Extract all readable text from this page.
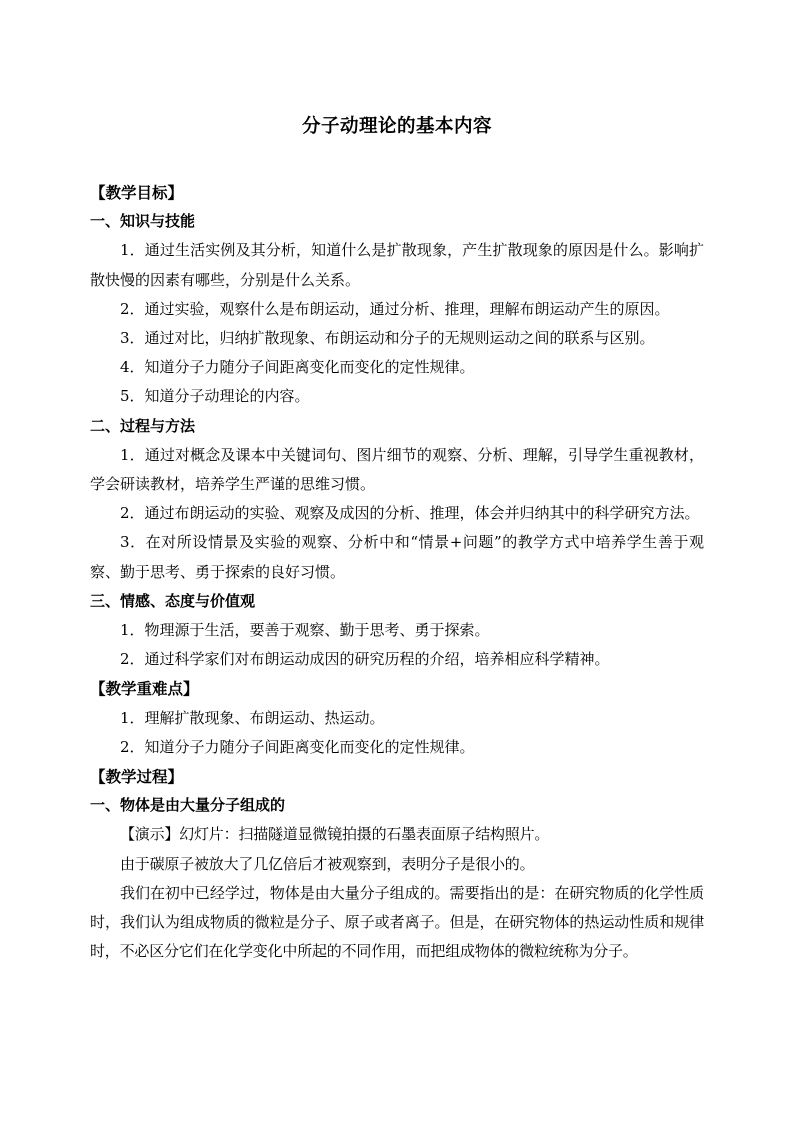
分子动理论的基本内容

【教学目标】

一、知识与技能

1．通过生活实例及其分析，知道什么是扩散现象，产生扩散现象的原因是什么。影响扩散快慢的因素有哪些，分别是什么关系。

2．通过实验，观察什么是布朗运动，通过分析、推理，理解布朗运动产生的原因。

3．通过对比，归纳扩散现象、布朗运动和分子的无规则运动之间的联系与区别。

4．知道分子力随分子间距离变化而变化的定性规律。

5．知道分子动理论的内容。

二、过程与方法

1．通过对概念及课本中关键词句、图片细节的观察、分析、理解，引导学生重视教材，学会研读教材，培养学生严谨的思维习惯。

2．通过布朗运动的实验、观察及成因的分析、推理，体会并归纳其中的科学研究方法。

3．在对所设情景及实验的观察、分析中和“情景+问题”的教学方式中培养学生善于观察、勤于思考、勇于探索的良好习惯。

三、情感、态度与价值观

1．物理源于生活，要善于观察、勤于思考、勇于探索。

2．通过科学家们对布朗运动成因的研究历程的介绍，培养相应科学精神。

【教学重难点】

1．理解扩散现象、布朗运动、热运动。

2．知道分子力随分子间距离变化而变化的定性规律。

【教学过程】

一、物体是由大量分子组成的

【演示】幻灯片：扫描隧道显微镜拍摄的石墨表面原子结构照片。

由于碳原子被放大了几亿倍后才被观察到，表明分子是很小的。

我们在初中已经学过，物体是由大量分子组成的。需要指出的是：在研究物质的化学性质时，我们认为组成物质的微粒是分子、原子或者离子。但是，在研究物体的热运动性质和规律时，不必区分它们在化学变化中所起的不同作用，而把组成物体的微粒统称为分子。
